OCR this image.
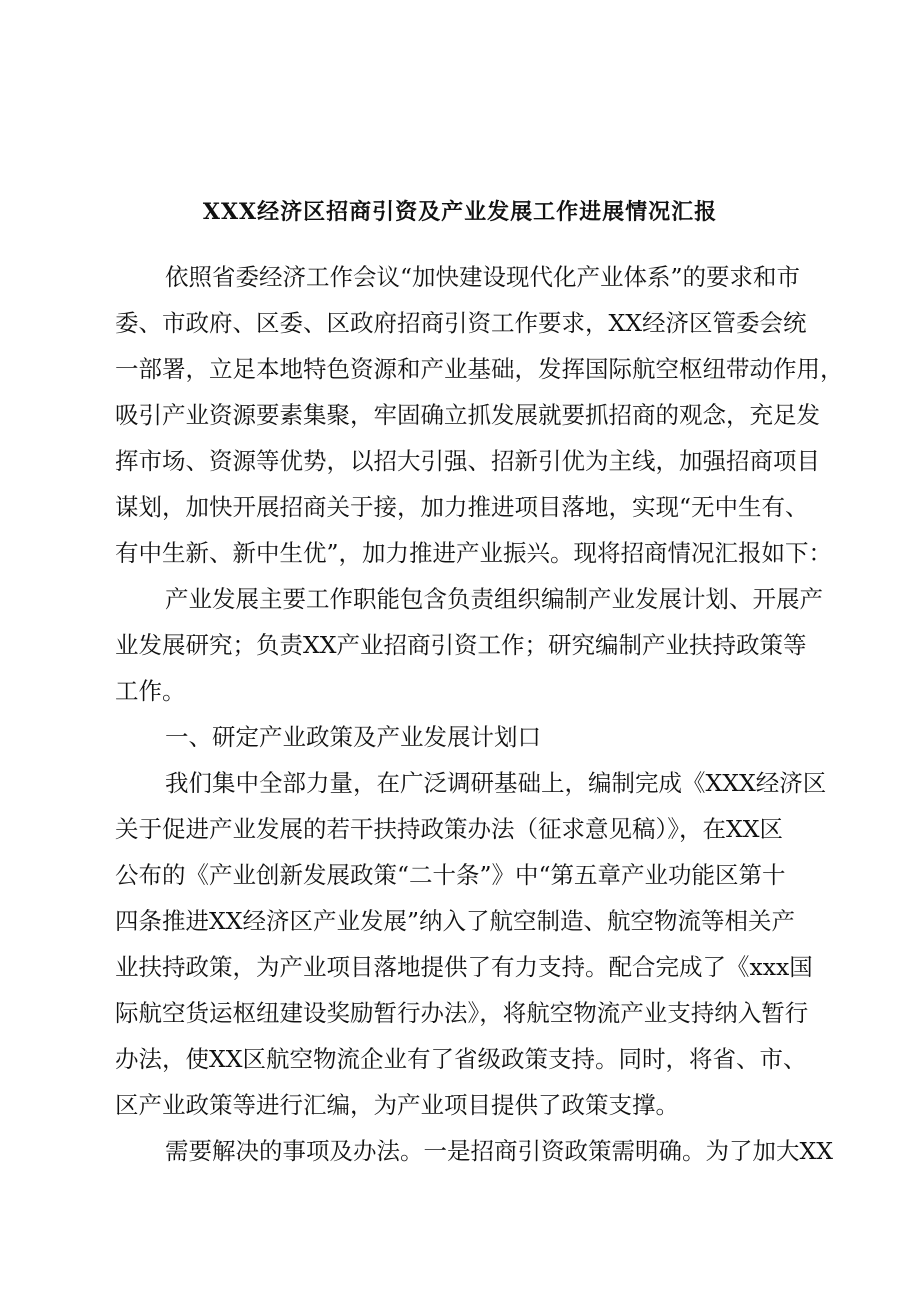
XXX经济区招商引资及产业发展工作进展情况汇报
依照省委经济工作会议“加快建设现代化产业体系”的要求和市
委、市政府、区委、区政府招商引资工作要求，XX经济区管委会统
一部署，立足本地特色资源和产业基础，发挥国际航空枢纽带动作用，
吸引产业资源要素集聚，牢固确立抓发展就要抓招商的观念，充足发
挥市场、资源等优势，以招大引强、招新引优为主线，加强招商项目
谋划，加快开展招商关于接，加力推进项目落地，实现“无中生有、
有中生新、新中生优”，加力推进产业振兴。现将招商情况汇报如下：
产业发展主要工作职能包含负责组织编制产业发展计划、开展产
业发展研究；负责XX产业招商引资工作；研究编制产业扶持政策等
工作。
一、研定产业政策及产业发展计划口
我们集中全部力量，在广泛调研基础上，编制完成《XXX经济区
关于促进产业发展的若干扶持政策办法（征求意见稿）》，在XX区
公布的《产业创新发展政策“二十条”》中“第五章产业功能区第十
四条推进XX经济区产业发展”纳入了航空制造、航空物流等相关产
业扶持政策，为产业项目落地提供了有力支持。配合完成了《xxx国
际航空货运枢纽建设奖励暂行办法》，将航空物流产业支持纳入暂行
办法，使XX区航空物流企业有了省级政策支持。同时，将省、市、
区产业政策等进行汇编，为产业项目提供了政策支撑。
需要解决的事项及办法。一是招商引资政策需明确。为了加大XX
